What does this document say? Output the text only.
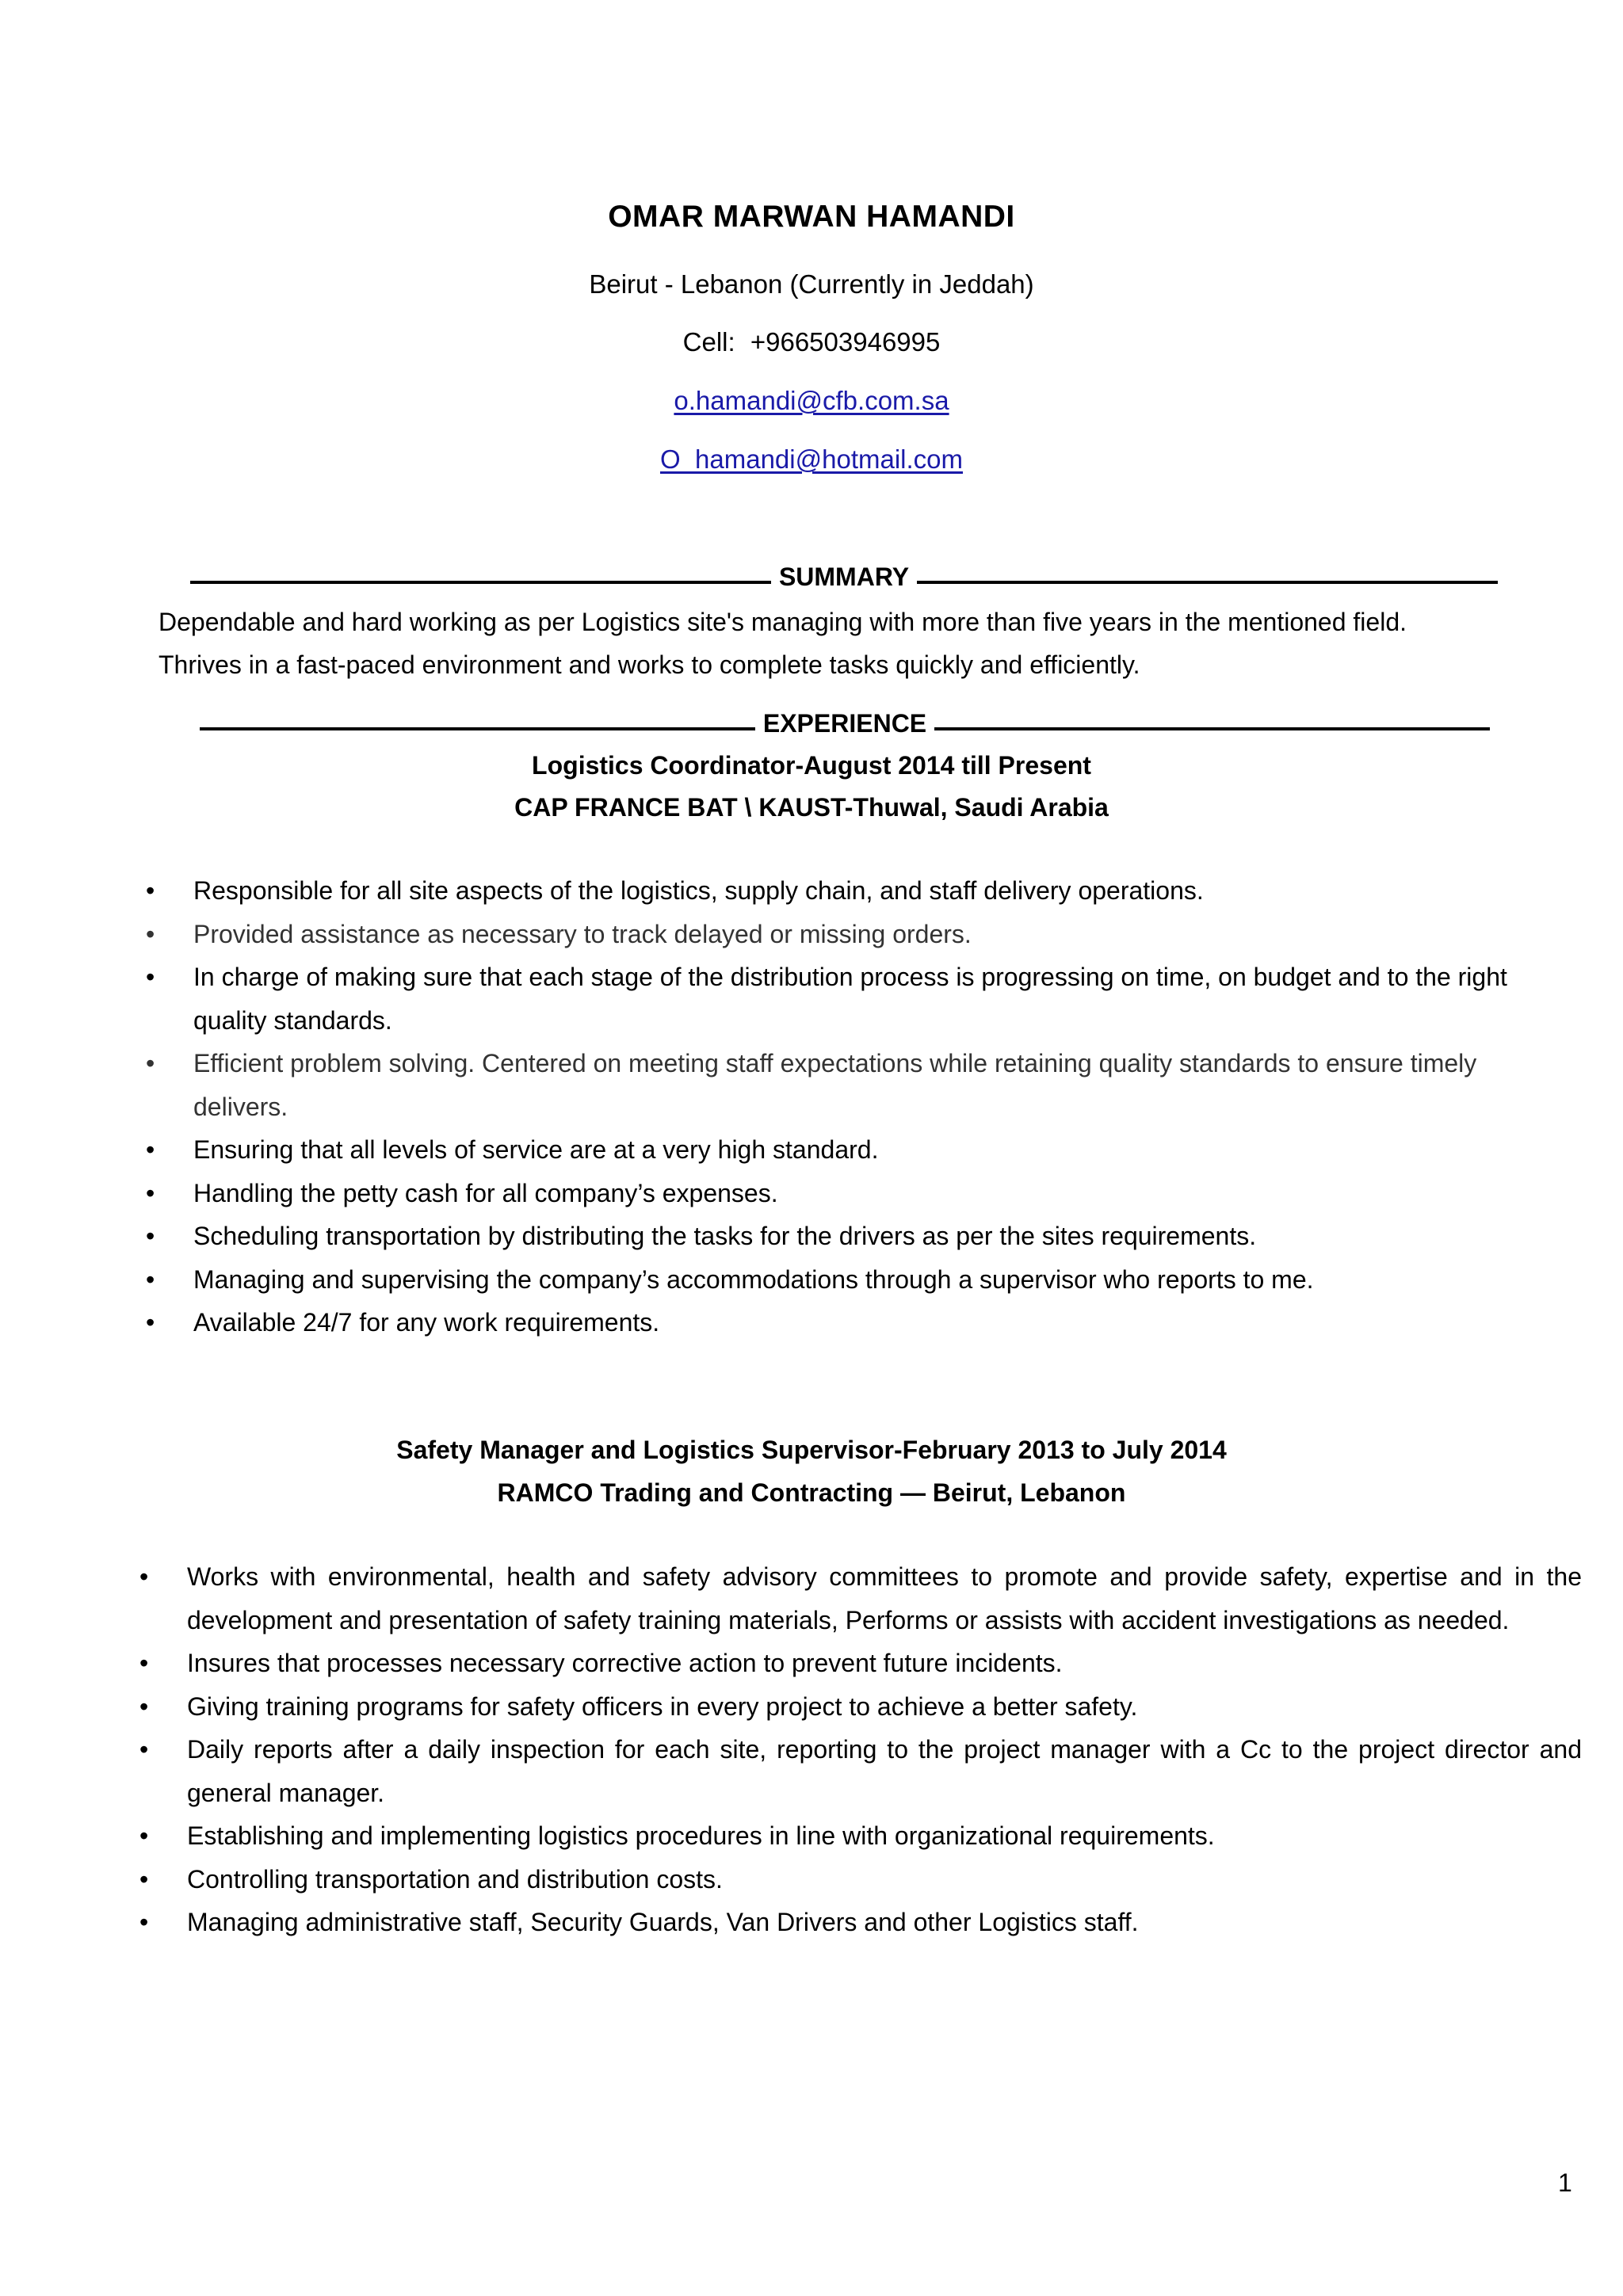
OMAR MARWAN HAMANDI
Beirut - Lebanon (Currently in Jeddah)
Cell: +966503946995
o.hamandi@cfb.com.sa
O_hamandi@hotmail.com
SUMMARY
Dependable and hard working as per Logistics site's managing with more than five years in the mentioned field.
Thrives in a fast-paced environment and works to complete tasks quickly and efficiently.
EXPERIENCE
Logistics Coordinator-August 2014 till Present
CAP FRANCE BAT \ KAUST-Thuwal, Saudi Arabia
• Responsible for all site aspects of the logistics, supply chain, and staff delivery operations.
• Provided assistance as necessary to track delayed or missing orders.
• In charge of making sure that each stage of the distribution process is progressing on time, on budget and to the right quality standards.
• Efficient problem solving. Centered on meeting staff expectations while retaining quality standards to ensure timely delivers.
• Ensuring that all levels of service are at a very high standard.
• Handling the petty cash for all company’s expenses.
• Scheduling transportation by distributing the tasks for the drivers as per the sites requirements.
• Managing and supervising the company’s accommodations through a supervisor who reports to me.
• Available 24/7 for any work requirements.
Safety Manager and Logistics Supervisor-February 2013 to July 2014
RAMCO Trading and Contracting — Beirut, Lebanon
• Works with environmental, health and safety advisory committees to promote and provide safety, expertise and in the development and presentation of safety training materials, Performs or assists with accident investigations as needed.
• Insures that processes necessary corrective action to prevent future incidents.
• Giving training programs for safety officers in every project to achieve a better safety.
• Daily reports after a daily inspection for each site, reporting to the project manager with a Cc to the project director and general manager.
• Establishing and implementing logistics procedures in line with organizational requirements.
• Controlling transportation and distribution costs.
• Managing administrative staff, Security Guards, Van Drivers and other Logistics staff.
1
